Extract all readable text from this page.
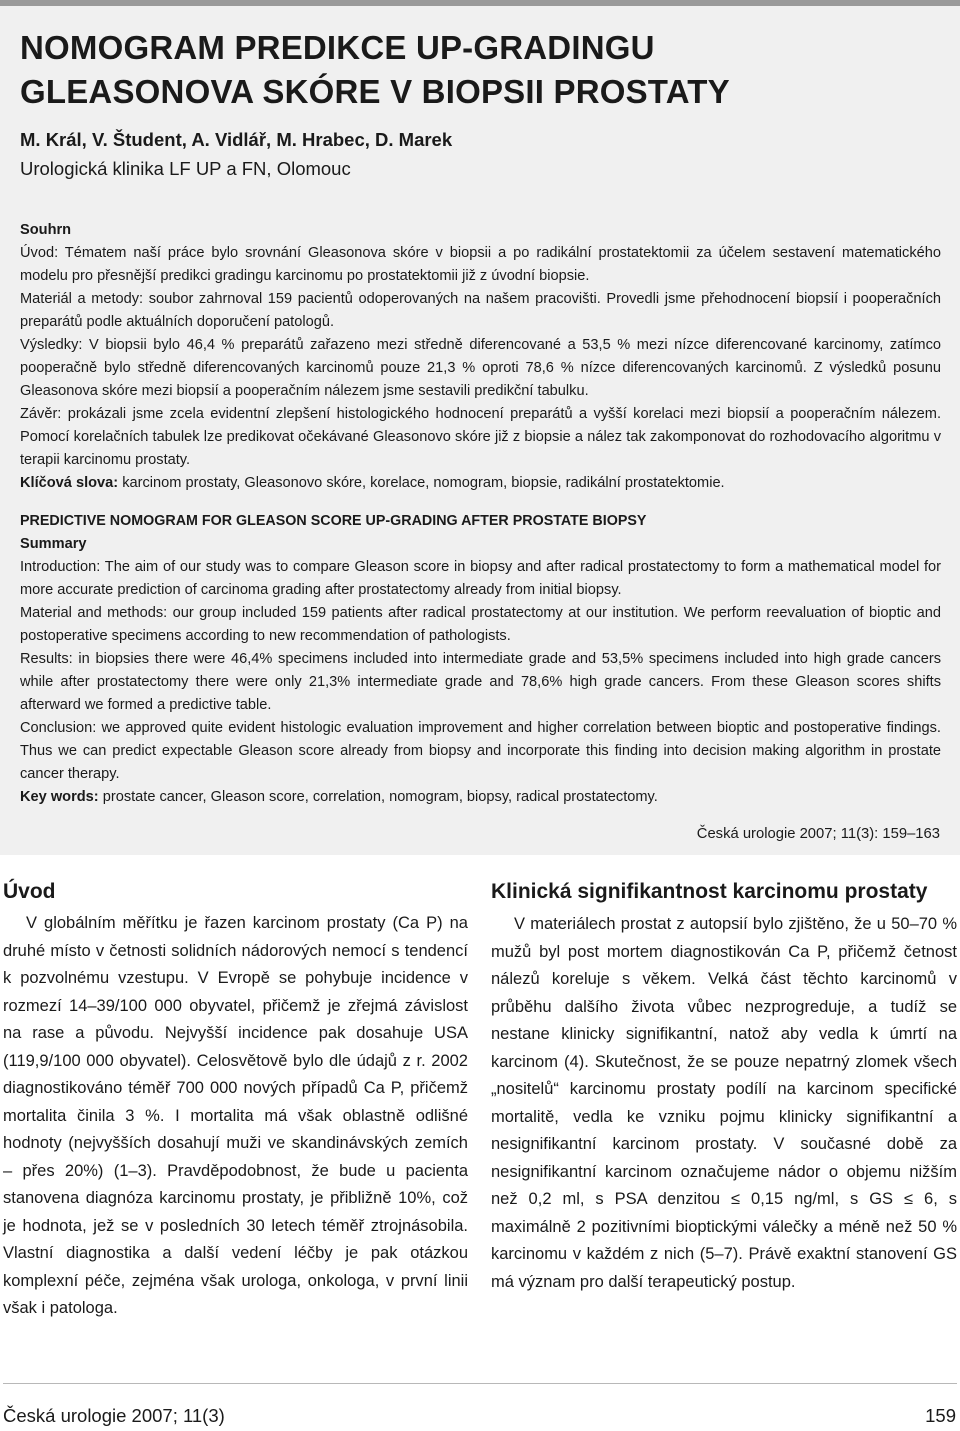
NOMOGRAM PREDIKCE UP-GRADINGU
GLEASONOVA SKÓRE V BIOPSII PROSTATY

M. Král, V. Študent, A. Vidlář, M. Hrabec, D. Marek

Urologická klinika LF UP a FN, Olomouc

Souhrn

Úvod: Tématem naší práce bylo srovnání Gleasonova skóre v biopsii a po radikální prostatektomii za účelem sestavení matematického modelu pro přesnější predikci gradingu karcinomu po prostatektomii již z úvodní biopsie.

Materiál a metody: soubor zahrnoval 159 pacientů odoperovaných na našem pracovišti. Provedli jsme přehodnocení biopsií i pooperačních preparátů podle aktuálních doporučení patologů.

Výsledky: V biopsii bylo 46,4 % preparátů zařazeno mezi středně diferencované a 53,5 % mezi nízce diferencované karcinomy, zatímco pooperačně bylo středně diferencovaných karcinomů pouze 21,3 % oproti 78,6 % nízce diferencovaných karcinomů. Z výsledků posunu Gleasonova skóre mezi biopsií a pooperačním nálezem jsme sestavili predikční tabulku.

Závěr: prokázali jsme zcela evidentní zlepšení histologického hodnocení preparátů a vyšší korelaci mezi biopsií a pooperačním nálezem. Pomocí korelačních tabulek lze predikovat očekávané Gleasonovo skóre již z biopsie a nález tak zakomponovat do rozhodovacího algoritmu v terapii karcinomu prostaty.

Klíčová slova: karcinom prostaty, Gleasonovo skóre, korelace, nomogram, biopsie, radikální prostatektomie.

PREDICTIVE NOMOGRAM FOR GLEASON SCORE UP-GRADING AFTER PROSTATE BIOPSY

Summary

Introduction: The aim of our study was to compare Gleason score in biopsy and after radical prostatectomy to form a mathematical model for more accurate prediction of carcinoma grading after prostatectomy already from initial biopsy.

Material and methods: our group included 159 patients after radical prostatectomy at our institution. We perform reevaluation of bioptic and postoperative specimens according to new recommendation of pathologists.

Results: in biopsies there were 46,4% specimens included into intermediate grade and 53,5% specimens included into high grade cancers while after prostatectomy there were only 21,3% intermediate grade and 78,6% high grade cancers. From these Gleason scores shifts afterward we formed a predictive table.

Conclusion: we approved quite evident histologic evaluation improvement and higher correlation between bioptic and postoperative findings. Thus we can predict expectable Gleason score already from biopsy and incorporate this finding into decision making algorithm in prostate cancer therapy.

Key words: prostate cancer, Gleason score, correlation, nomogram, biopsy, radical prostatectomy.

Česká urologie 2007; 11(3): 159–163
Úvod

V globálním měřítku je řazen karcinom prostaty (Ca P) na druhé místo v četnosti solidních nádorových nemocí s tendencí k pozvolnému vzestupu. V Evropě se pohybuje incidence v rozmezí 14–39/100 000 obyvatel, přičemž je zřejmá závislost na rase a původu. Nejvyšší incidence pak dosahuje USA (119,9/100 000 obyvatel). Celosvětově bylo dle údajů z r. 2002 diagnostikováno téměř 700 000 nových případů Ca P, přičemž mortalita činila 3 %. I mortalita má však oblastně odlišné hodnoty (nejvyšších dosahují muži ve skandinávských zemích – přes 20%) (1–3). Pravděpodobnost, že bude u pacienta stanovena diagnóza karcinomu prostaty, je přibližně 10%, což je hodnota, jež se v posledních 30 letech téměř ztrojnásobila. Vlastní diagnostika a další vedení léčby je pak otázkou komplexní péče, zejména však urologa, onkologa, v první linii však i patologa.

Klinická signifikantnost karcinomu prostaty

V materiálech prostat z autopsií bylo zjištěno, že u 50–70 % mužů byl post mortem diagnostikován Ca P, přičemž četnost nálezů koreluje s věkem. Velká část těchto karcinomů v průběhu dalšího života vůbec nezprogreduje, a tudíž se nestane klinicky signifikantní, natož aby vedla k úmrtí na karcinom (4). Skutečnost, že se pouze nepatrný zlomek všech „nositelů“ karcinomu prostaty podílí na karcinom specifické mortalitě, vedla ke vzniku pojmu klinicky signifikantní a nesignifikantní karcinom prostaty. V současné době za nesignifikantní karcinom označujeme nádor o objemu nižším než 0,2 ml, s PSA denzitou ≤ 0,15 ng/ml, s GS ≤ 6, s maximálně 2 pozitivními bioptickými válečky a méně než 50 % karcinomu v každém z nich (5–7). Právě exaktní stanovení GS má význam pro další terapeutický postup.

Česká urologie 2007; 11(3)	159
